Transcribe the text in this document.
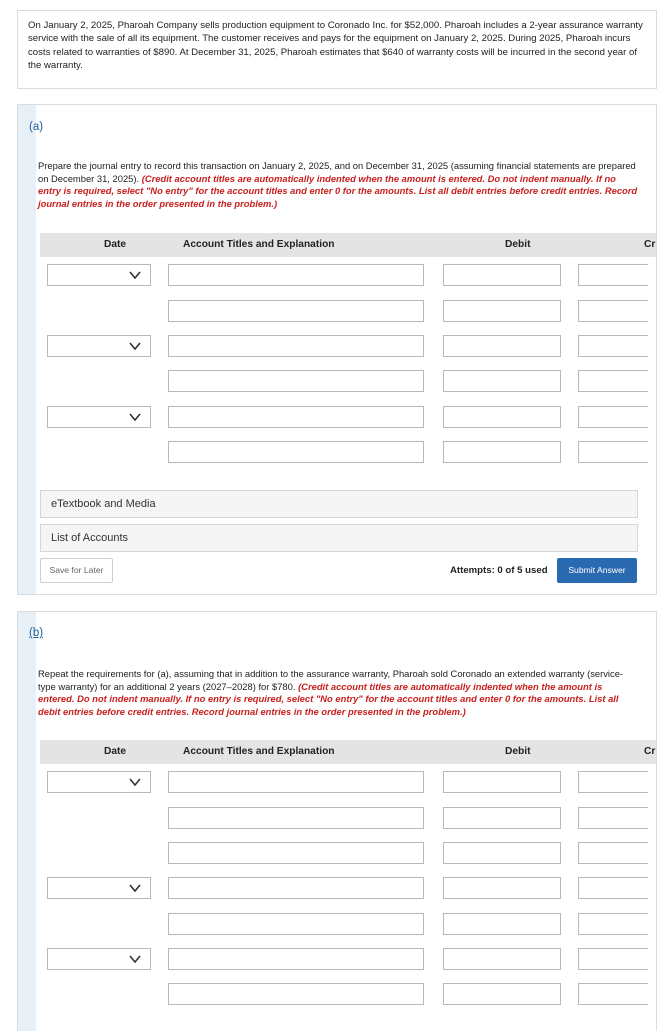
On January 2, 2025, Pharoah Company sells production equipment to Coronado Inc. for $52,000. Pharoah includes a 2-year assurance warranty service with the sale of all its equipment. The customer receives and pays for the equipment on January 2, 2025. During 2025, Pharoah incurs costs related to warranties of $890. At December 31, 2025, Pharoah estimates that $640 of warranty costs will be incurred in the second year of the warranty.
(a)
Prepare the journal entry to record this transaction on January 2, 2025, and on December 31, 2025 (assuming financial statements are prepared on December 31, 2025). (Credit account titles are automatically indented when the amount is entered. Do not indent manually. If no entry is required, select "No entry" for the account titles and enter 0 for the amounts. List all debit entries before credit entries. Record journal entries in the order presented in the problem.)
Date	Account Titles and Explanation	Debit	Cr
eTextbook and Media
List of Accounts
Save for Later	Attempts: 0 of 5 used	Submit Answer
(b)
Repeat the requirements for (a), assuming that in addition to the assurance warranty, Pharoah sold Coronado an extended warranty (service-type warranty) for an additional 2 years (2027–2028) for $780. (Credit account titles are automatically indented when the amount is entered. Do not indent manually. If no entry is required, select "No entry" for the account titles and enter 0 for the amounts. List all debit entries before credit entries. Record journal entries in the order presented in the problem.)
Date	Account Titles and Explanation	Debit	Cr
